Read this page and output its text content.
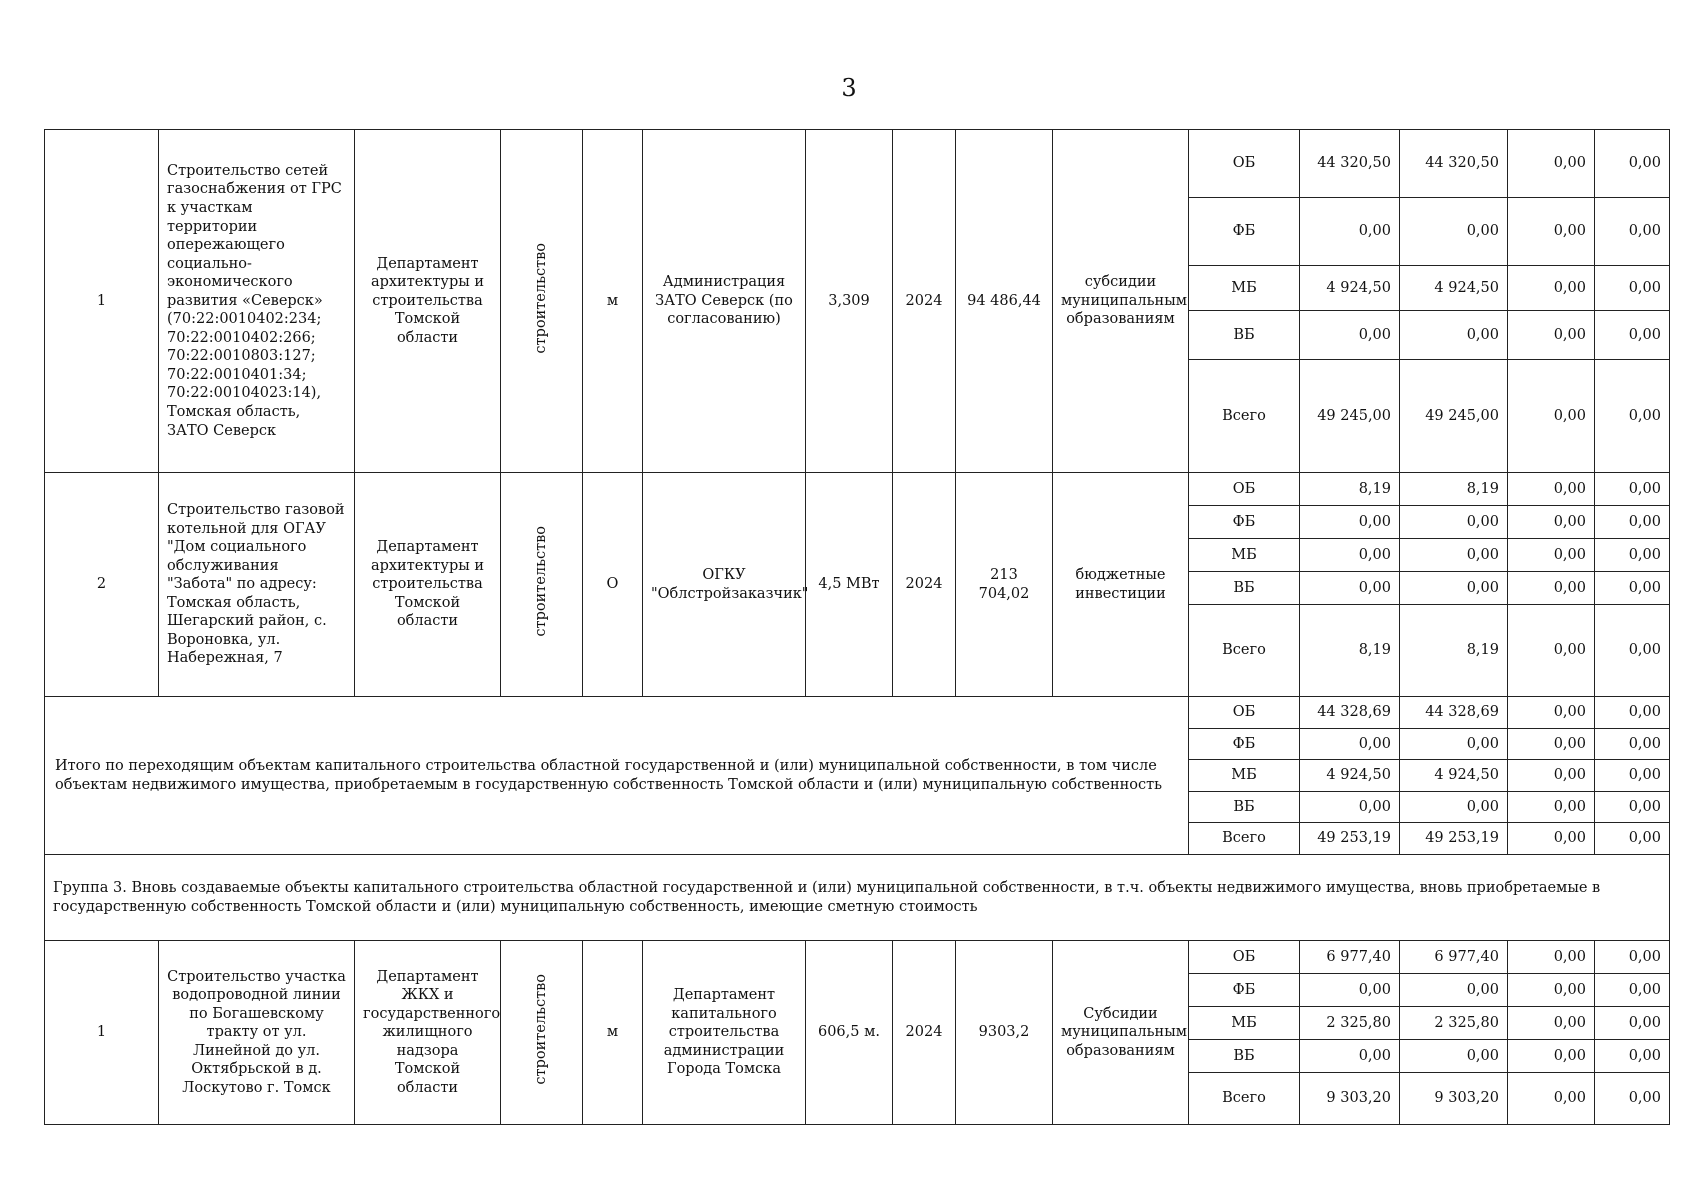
3
1	Строительство сетей газоснабжения от ГРС к участкам территории опережающего социально-экономического развития «Северск» (70:22:0010402:234; 70:22:0010402:266; 70:22:0010803:127; 70:22:0010401:34; 70:22:00104023:14), Томская область, ЗАТО Северск	Департамент архитектуры и строительства Томской области	строительство	м	Администрация ЗАТО Северск (по согласованию)	3,309	2024	94 486,44	субсидии муниципальным образованиям	ОБ	44 320,50	44 320,50	0,00	0,00
										ФБ	0,00	0,00	0,00	0,00
										МБ	4 924,50	4 924,50	0,00	0,00
										ВБ	0,00	0,00	0,00	0,00
										Всего	49 245,00	49 245,00	0,00	0,00
2	Строительство газовой котельной для ОГАУ "Дом социального обслуживания "Забота" по адресу: Томская область, Шегарский район, с. Вороновка, ул. Набережная, 7	Департамент архитектуры и строительства Томской области	строительство	О	ОГКУ "Облстройзаказчик"	4,5 МВт	2024	213 704,02	бюджетные инвестиции	ОБ	8,19	8,19	0,00	0,00
										ФБ	0,00	0,00	0,00	0,00
										МБ	0,00	0,00	0,00	0,00
										ВБ	0,00	0,00	0,00	0,00
										Всего	8,19	8,19	0,00	0,00
Итого по переходящим объектам капитального строительства областной государственной и (или) муниципальной собственности, в том числе объектам недвижимого имущества, приобретаемым в государственную собственность Томской области и (или) муниципальную собственность										ОБ	44 328,69	44 328,69	0,00	0,00
										ФБ	0,00	0,00	0,00	0,00
										МБ	4 924,50	4 924,50	0,00	0,00
										ВБ	0,00	0,00	0,00	0,00
										Всего	49 253,19	49 253,19	0,00	0,00
Группа 3. Вновь создаваемые объекты капитального строительства областной государственной и (или) муниципальной собственности, в т.ч. объекты недвижимого имущества, вновь приобретаемые в государственную собственность Томской области и (или) муниципальную собственность, имеющие сметную стоимость														
1	Строительство участка водопроводной линии по Богашевскому тракту от ул. Линейной до ул. Октябрьской в д. Лоскутово г. Томск	Департамент ЖКХ и государственного жилищного надзора Томской области	строительство	м	Департамент капитального строительства администрации Города Томска	606,5 м.	2024	9303,2	Субсидии муниципальным образованиям	ОБ	6 977,40	6 977,40	0,00	0,00
										ФБ	0,00	0,00	0,00	0,00
										МБ	2 325,80	2 325,80	0,00	0,00
										ВБ	0,00	0,00	0,00	0,00
										Всего	9 303,20	9 303,20	0,00	0,00
